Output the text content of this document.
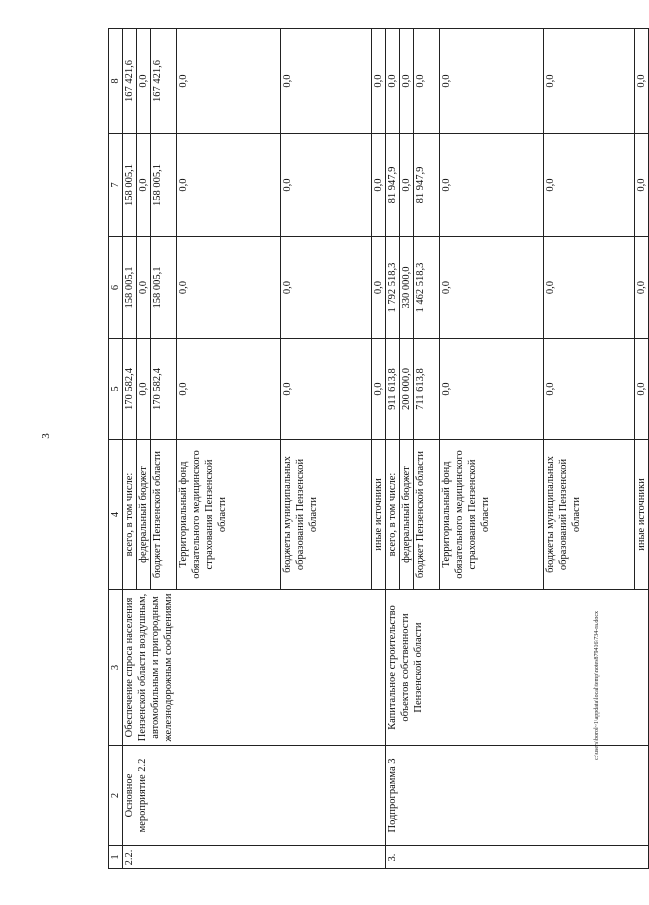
3
c:\users\borol~1\appdata\local\temp\notes879416\734-ra.docx
1	2	3	4	5	6	7	8
2.2.	Основное мероприятие 2.2	Обеспечение спроса населения Пензенской области воздушным, автомобильным и пригородным железнодорожным сообщениями	всего, в том числе:	170 582,4	158 005,1	158 005,1	167 421,6
			федеральный бюджет	0,0	0,0	0,0	0,0
			бюджет Пензенской области	170 582,4	158 005,1	158 005,1	167 421,6
			Территориальный фонд обязательного медицинского страхования Пензенской области	0,0	0,0	0,0	0,0
			бюджеты муниципальных образований Пензенской области	0,0	0,0	0,0	0,0
			иные источники	0,0	0,0	0,0	0,0
3.	Подпрограмма 3	Капитальное строительство объектов собственности Пензенской области	всего, в том числе:	911 613,8	1 792 518,3	81 947,9	0,0
			федеральный бюджет	200 000,0	330 000,0	0,0	0,0
			бюджет Пензенской области	711 613,8	1 462 518,3	81 947,9	0,0
			Территориальный фонд обязательного медицинского страхования Пензенской области	0,0	0,0	0,0	0,0
			бюджеты муниципальных образований Пензенской области	0,0	0,0	0,0	0,0
			иные источники	0,0	0,0	0,0	0,0
